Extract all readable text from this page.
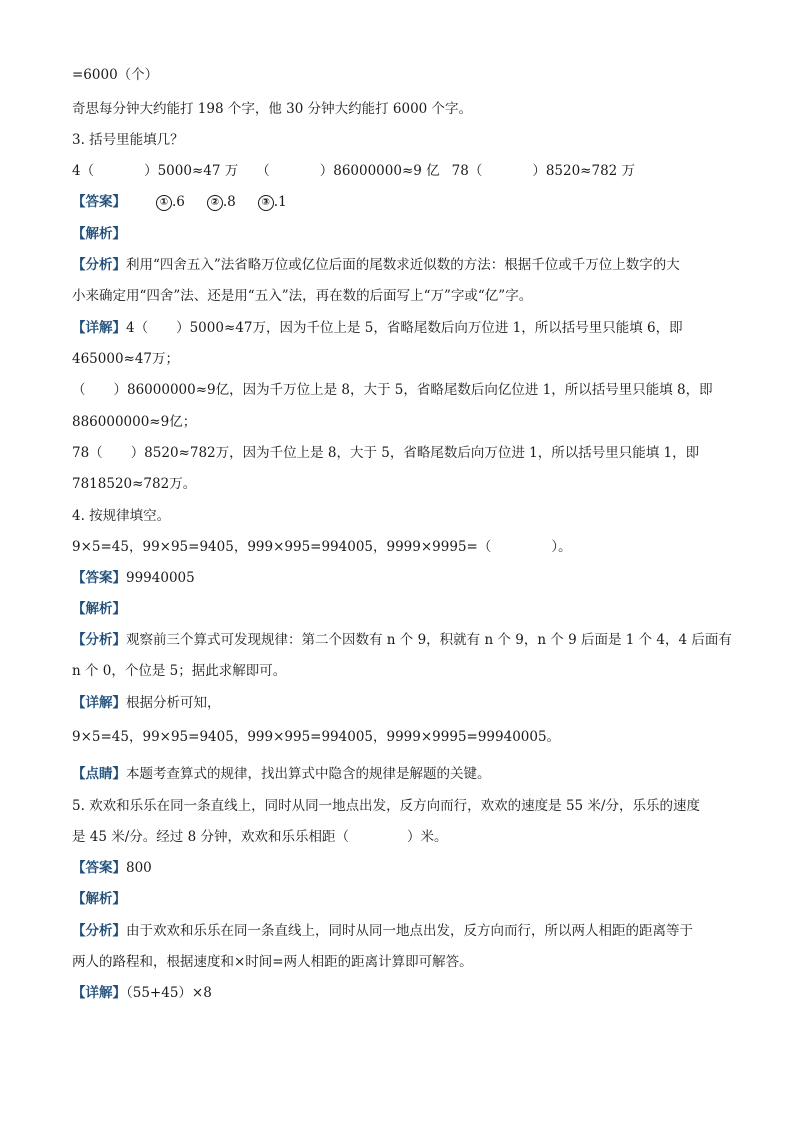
=6000（个）
奇思每分钟大约能打 198 个字，他 30 分钟大约能打 6000 个字。
3. 括号里能填几？
4（	）5000≈47 万 （	）86000000≈9 亿 78（	）8520≈782 万
【答案】	① .6	② .8	③ .1
【解析】
【分析】利用“四舍五入”法省略万位或亿位后面的尾数求近似数的方法：根据千位或千万位上数字的大
小来确定用“四舍”法、还是用“五入”法，再在数的后面写上“万”字或“亿”字。
【详解】4（ ）5000≈47万，因为千位上是 5，省略尾数后向万位进 1，所以括号里只能填 6，即
465000≈47万；
（ ）86000000≈9亿，因为千万位上是 8，大于 5，省略尾数后向亿位进 1，所以括号里只能填 8，即
886000000≈9亿；
78（ ）8520≈782万，因为千位上是 8，大于 5，省略尾数后向万位进 1，所以括号里只能填 1，即
7818520≈782万。
4. 按规律填空。
9×5=45，99×95=9405，999×995=994005，9999×9995=（	）。
【答案】99940005
【解析】
【分析】观察前三个算式可发现规律：第二个因数有 n 个 9，积就有 n 个 9，n 个 9 后面是 1 个 4，4 后面有
n 个 0，个位是 5；据此求解即可。
【详解】根据分析可知，
9×5=45，99×95=9405，999×995=994005，9999×9995=99940005。
【点睛】本题考查算式的规律，找出算式中隐含的规律是解题的关键。
5. 欢欢和乐乐在同一条直线上，同时从同一地点出发，反方向而行，欢欢的速度是 55 米/分，乐乐的速度
是 45 米/分。经过 8 分钟，欢欢和乐乐相距（	）米。
【答案】800
【解析】
【分析】由于欢欢和乐乐在同一条直线上，同时从同一地点出发，反方向而行，所以两人相距的距离等于
两人的路程和，根据速度和×时间=两人相距的距离计算即可解答。
【详解】（55+45）×8
